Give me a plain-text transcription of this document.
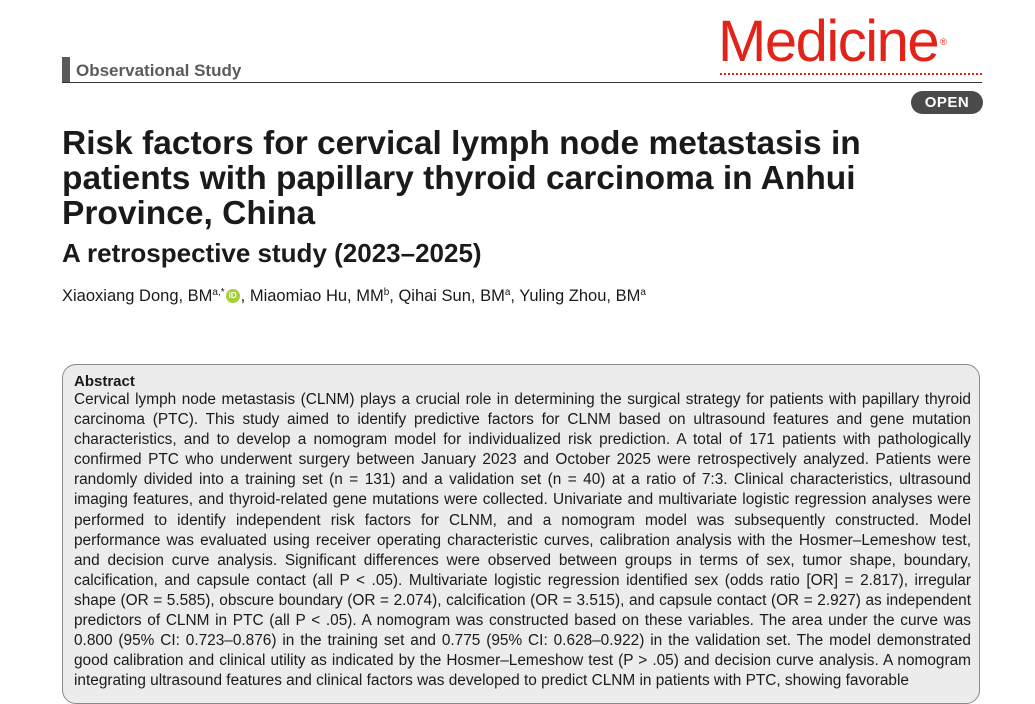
Observational Study	Medicine ®
OPEN
Risk factors for cervical lymph node metastasis in patients with papillary thyroid carcinoma in Anhui Province, China
A retrospective study (2023–2025)
Xiaoxiang Dong, $BM^{a,*}$ iD , Miaomiao Hu, $MM^b$, Qihai Sun, $BM^a$, Yuling Zhou, $BM^a$
Abstract

Cervical lymph node metastasis (CLNM) plays a crucial role in determining the surgical strategy for patients with papillary thyroid carcinoma (PTC). This study aimed to identify predictive factors for CLNM based on ultrasound features and gene mutation characteristics, and to develop a nomogram model for individualized risk prediction. A total of 171 patients with pathologically confirmed PTC who underwent surgery between January 2023 and October 2025 were retrospectively analyzed. Patients were randomly divided into a training set (n = 131) and a validation set (n = 40) at a ratio of 7:3. Clinical characteristics, ultrasound imaging features, and thyroid-related gene mutations were collected. Univariate and multivariate logistic regression analyses were performed to identify independent risk factors for CLNM, and a nomogram model was subsequently constructed. Model performance was evaluated using receiver operating characteristic curves, calibration analysis with the Hosmer–Lemeshow test, and decision curve analysis. Significant differences were observed between groups in terms of sex, tumor shape, boundary, calcification, and capsule contact (all P < .05). Multivariate logistic regression identified sex (odds ratio [OR] = 2.817), irregular shape (OR = 5.585), obscure boundary (OR = 2.074), calcification (OR = 3.515), and capsule contact (OR = 2.927) as independent predictors of CLNM in PTC (all P < .05). A nomogram was constructed based on these variables. The area under the curve was 0.800 (95% CI: 0.723–0.876) in the training set and 0.775 (95% CI: 0.628–0.922) in the validation set. The model demonstrated good calibration and clinical utility as indicated by the Hosmer–Lemeshow test (P > .05) and decision curve analysis. A nomogram integrating ultrasound features and clinical factors was developed to predict CLNM in patients with PTC, showing favorable
